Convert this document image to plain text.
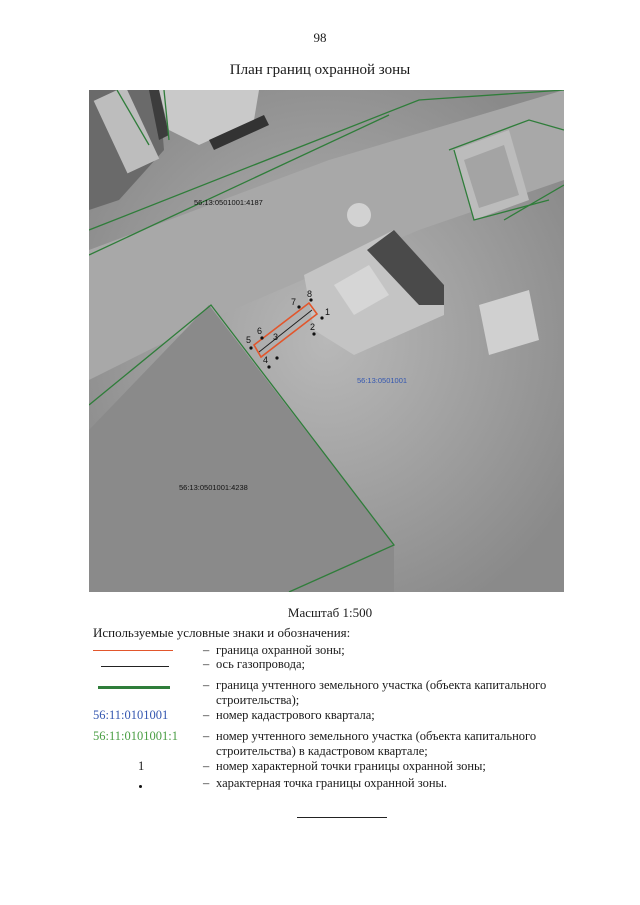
98
План границ охранной зоны
1
2
3
4
5
6
7
8
56:13:0501001:4187
56:13:0501001:4238
56:13:0501001
Масштаб 1:500
Используемые условные знаки и обозначения:
– граница охранной зоны;
– ось газопровода;
– граница учтенного земельного участка (объекта капитального строительства);
56:11:0101001	– номер кадастрового квартала;
56:11:0101001:1	– номер учтенного земельного участка (объекта капитального строительства) в кадастровом квартале;
1	– номер характерной точки границы охранной зоны;
– характерная точка границы охранной зоны.
